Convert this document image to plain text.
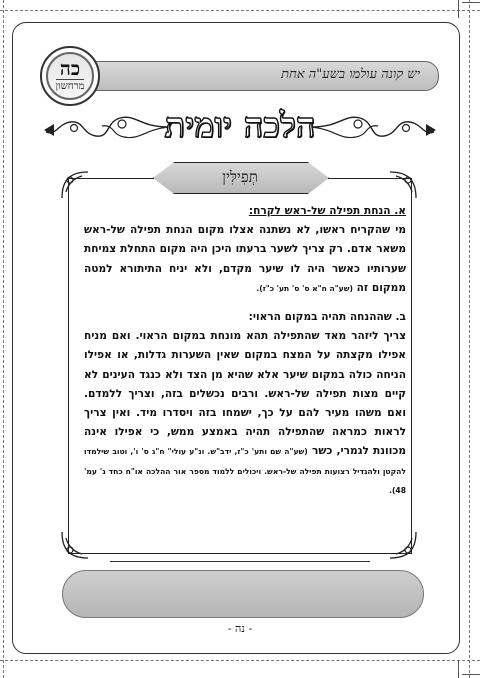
יש קונה עולמו בשע"ה אחת
כה
מרחשון
הלכה יומית
תְּפִילִּין

א. הנחת תפילה של-ראש לקרח:
מי שהקריח ראשו, לא נשתנה אצלו מקום הנחת תפילה של-ראש משאר אדם. רק צריך לשער ברעתו היכן היה מקום התחלת צמיחת שערותיו כאשר היה לו שיער מקדם, ולא יניח התיתורא למטה ממקום זה (שע"ה ח"א ס' ס' תע' כ"ז).

ב. שההנחה תהיה במקום הראוי:
צריך ליזהר מאד שהתפילה תהא מונחת במקום הראוי. ואם מניח אפילו מקצתה על המצח במקום שאין השערות גדלות, או אפילו הניחה כולה במקום שיער אלא שהיא מן הצד ולא כנגד העינים לא קיים מצות תפילה של-ראש. ורבים נכשלים בזה, וצריך ללמדם. ואם משהו מעיר להם על כך, ישמחו בזה ויסדרו מיד. ואין צריך לראות כמראה שהתפילה תהיה באמצע ממש, כי אפילו אינה מכוונת לגמרי, כשר (שע"ה שם ותע' כ"ז, ידב"ש. ונ"ע עולי" ח"ג ס' ו', וטוב שילמדו להקטן ולהגדיל רצועות תפילה של-ראש. ויכולים ללמוד מספר אור ההלכה או"ח כחד ג' עמ' 48).

- נה -
